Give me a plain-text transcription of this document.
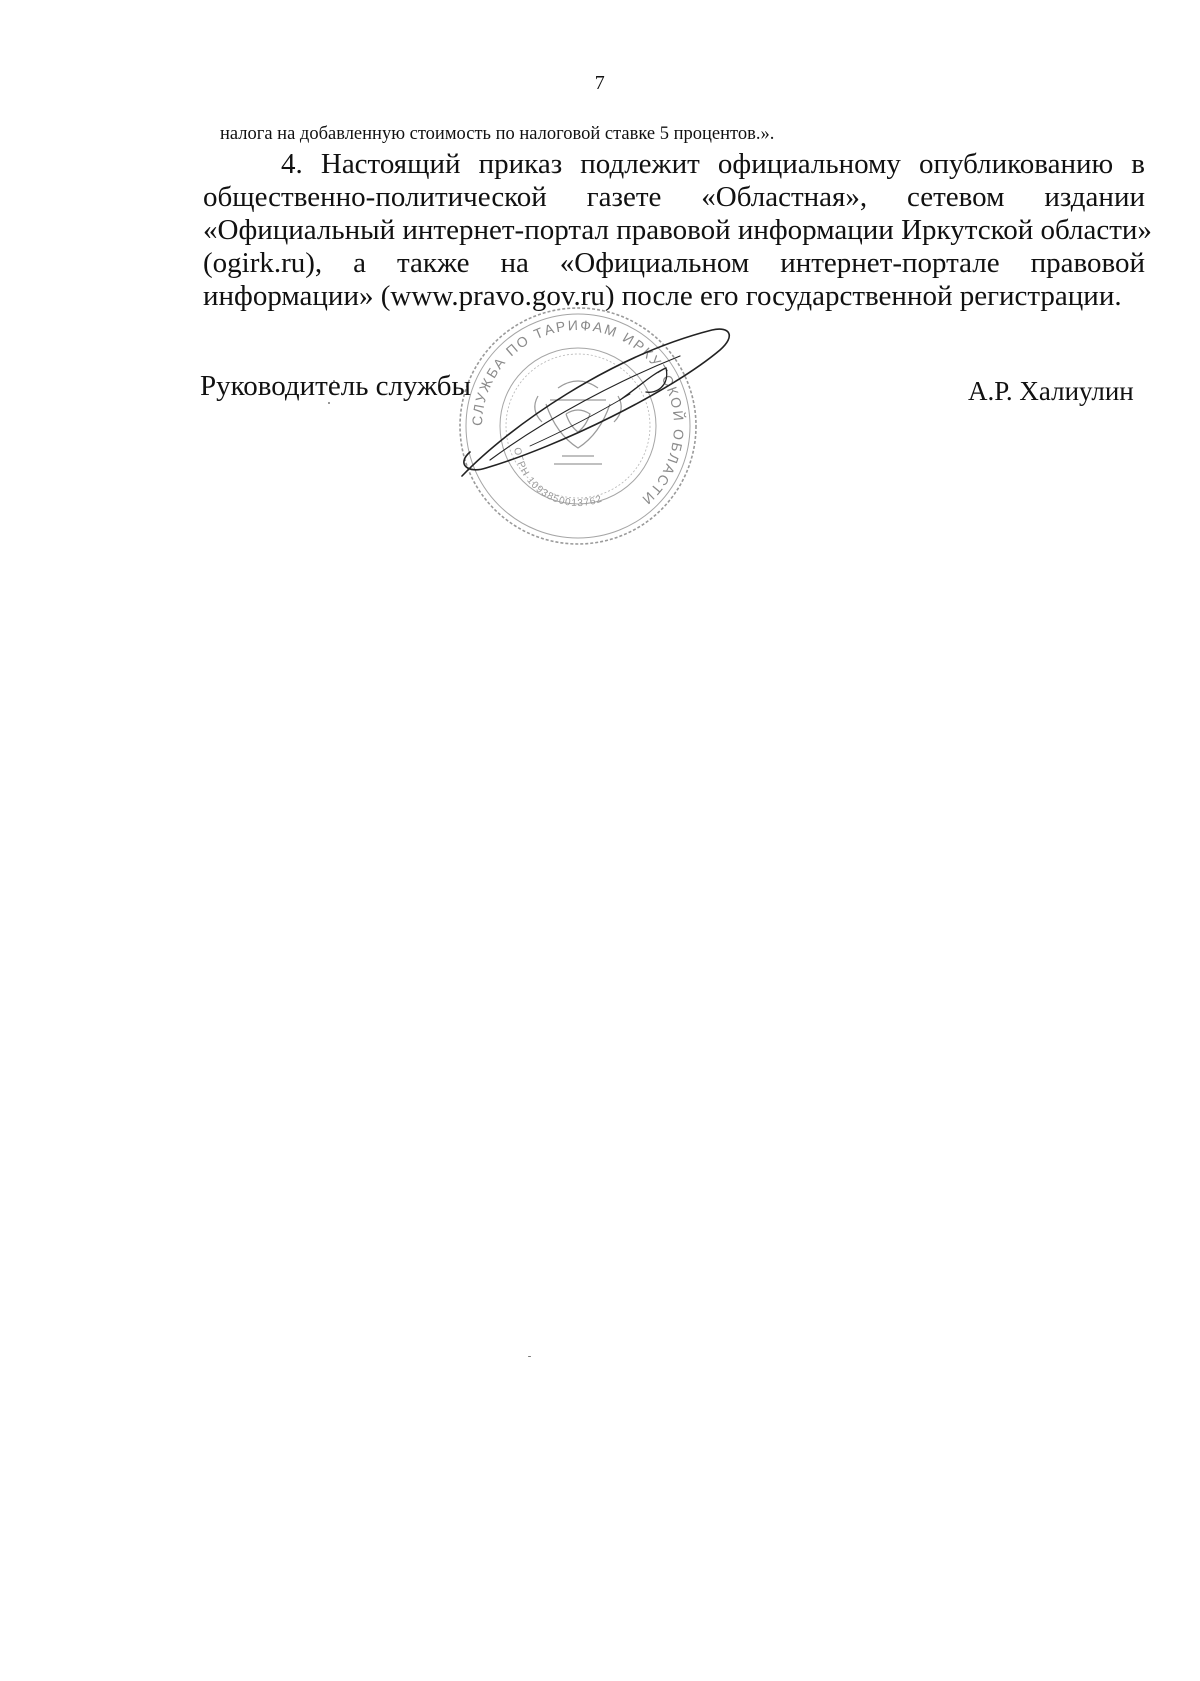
7
налога на добавленную стоимость по налоговой ставке 5 процентов.».
4. Настоящий приказ подлежит официальному опубликованию в
общественно-политической газете «Областная», сетевом издании
«Официальный интернет-портал правовой информации Иркутской области»
(ogirk.ru), а также на «Официальном интернет-портале правовой
информации» (www.pravo.gov.ru) после его государственной регистрации.
Руководитель службы	А.Р. Халиулин
СЛУЖБА ПО ТАРИФАМ ИРКУТСКОЙ ОБЛАСТИ
ОГРН 1093850013762
